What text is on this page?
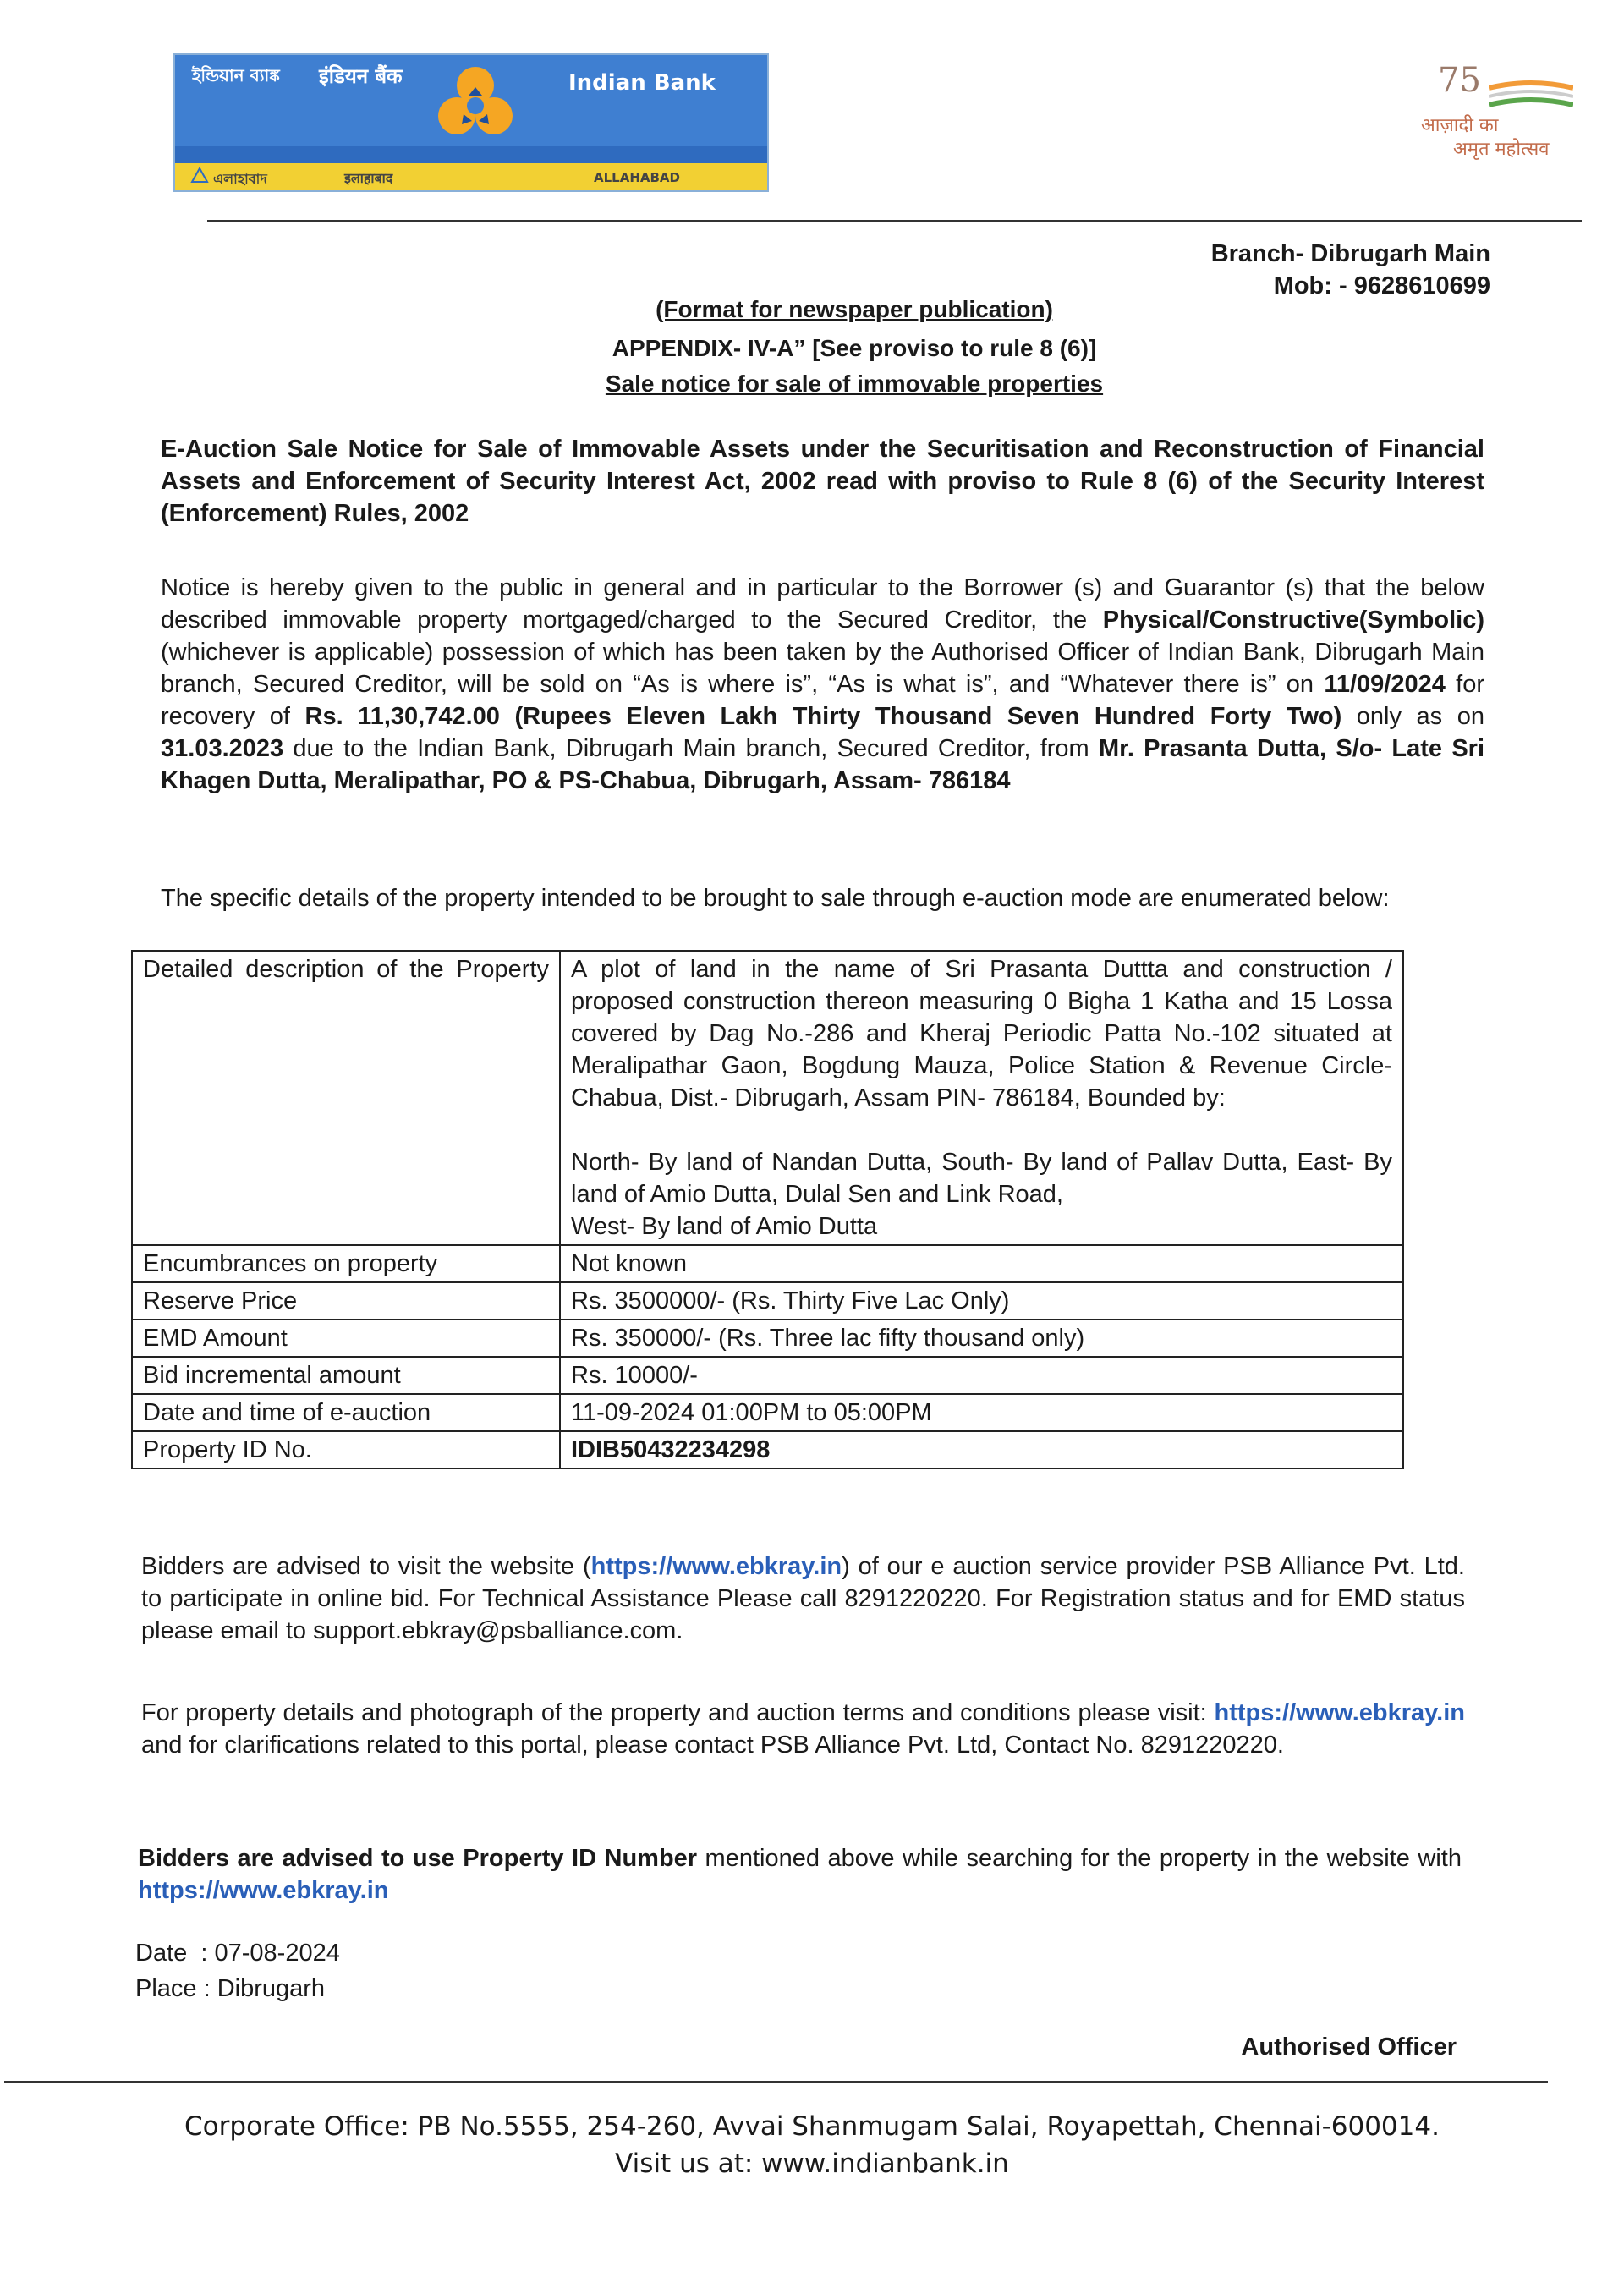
ইন্ডিয়ান ব্যাঙ্ক इंडियन बैंक	Indian Bank
এলাহাবাদ	इलाहाबाद	ALLAHABAD
75
आज़ादी का
अमृत महोत्सव
Branch- Dibrugarh Main
Mob: - 9628610699
(Format for newspaper publication)
APPENDIX- IV-A” [See proviso to rule 8 (6)]
Sale notice for sale of immovable properties
E-Auction Sale Notice for Sale of Immovable Assets under the Securitisation and Reconstruction of Financial Assets and Enforcement of Security Interest Act, 2002 read with proviso to Rule 8 (6) of the Security Interest (Enforcement) Rules, 2002
Notice is hereby given to the public in general and in particular to the Borrower (s) and Guarantor (s) that the below described immovable property mortgaged/charged to the Secured Creditor, the Physical/Constructive(Symbolic) (whichever is applicable) possession of which has been taken by the Authorised Officer of Indian Bank, Dibrugarh Main branch, Secured Creditor, will be sold on “As is where is”, “As is what is”, and “Whatever there is” on 11/09/2024 for recovery of Rs. 11,30,742.00 (Rupees Eleven Lakh Thirty Thousand Seven Hundred Forty Two) only as on 31.03.2023 due to the Indian Bank, Dibrugarh Main branch, Secured Creditor, from Mr. Prasanta Dutta, S/o- Late Sri Khagen Dutta, Meralipathar, PO & PS-Chabua, Dibrugarh, Assam- 786184
The specific details of the property intended to be brought to sale through e-auction mode are enumerated below:
Detailed description of the Property	A plot of land in the name of Sri Prasanta Duttta and construction / proposed construction thereon measuring 0 Bigha 1 Katha and 15 Lossa covered by Dag No.-286 and Kheraj Periodic Patta No.-102 situated at Meralipathar Gaon, Bogdung Mauza, Police Station & Revenue Circle- Chabua, Dist.- Dibrugarh, Assam PIN- 786184, Bounded by:
North- By land of Nandan Dutta, South- By land of Pallav Dutta, East- By land of Amio Dutta, Dulal Sen and Link Road,
West- By land of Amio Dutta

Encumbrances on property	Not known
Reserve Price	Rs. 3500000/- (Rs. Thirty Five Lac Only)
EMD Amount	Rs. 350000/- (Rs. Three lac fifty thousand only)
Bid incremental amount	Rs. 10000/-
Date and time of e-auction	11-09-2024 01:00PM to 05:00PM
Property ID No.	IDIB50432234298
Bidders are advised to visit the website (https://www.ebkray.in) of our e auction service provider PSB Alliance Pvt. Ltd. to participate in online bid. For Technical Assistance Please call 8291220220. For Registration status and for EMD status please email to support.ebkray@psballiance.com.
For property details and photograph of the property and auction terms and conditions please visit: https://www.ebkray.in and for clarifications related to this portal, please contact PSB Alliance Pvt. Ltd, Contact No. 8291220220.
Bidders are advised to use Property ID Number mentioned above while searching for the property in the website with https://www.ebkray.in
Date  : 07-08-2024
Place : Dibrugarh
Authorised Officer
Corporate Office: PB No.5555, 254-260, Avvai Shanmugam Salai, Royapettah, Chennai-600014.
Visit us at: www.indianbank.in
